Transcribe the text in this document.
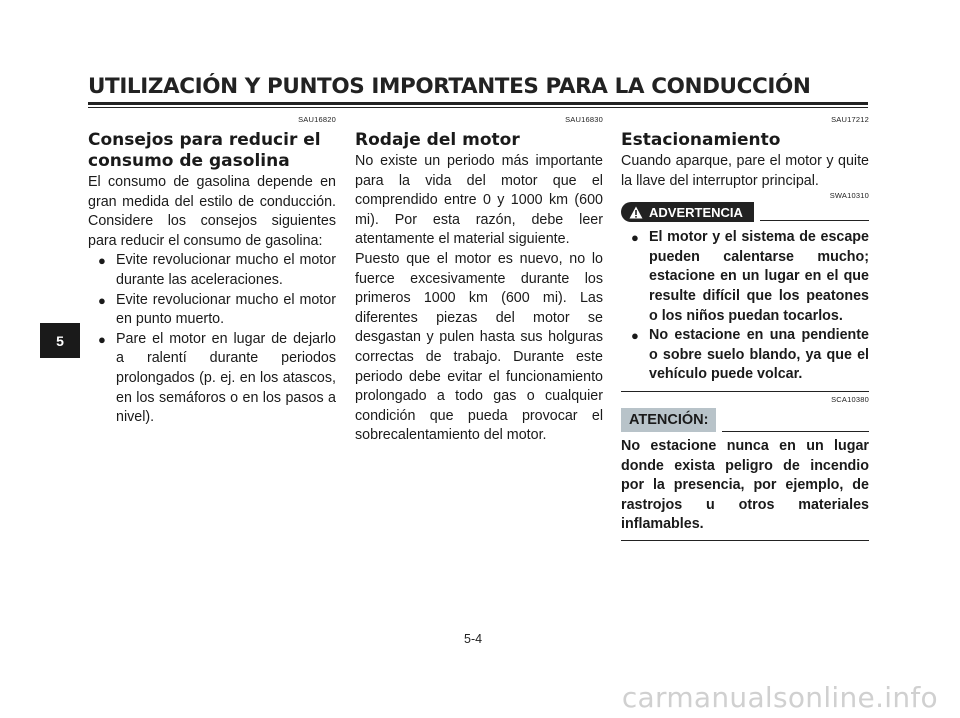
UTILIZACIÓN Y PUNTOS IMPORTANTES PARA LA CONDUCCIÓN
5
SAU16820
Consejos para reducir el
consumo de gasolina

El consumo de gasolina depende en gran medida del estilo de conducción. Considere los consejos siguientes para reducir el consumo de gasolina:

● Evite revolucionar mucho el motor durante las aceleraciones.
● Evite revolucionar mucho el motor en punto muerto.
● Pare el motor en lugar de dejarlo a ralentí durante periodos prolongados (p. ej. en los atascos, en los semáforos o en los pasos a nivel).
SAU16830
Rodaje del motor

No existe un periodo más importante para la vida del motor que el comprendido entre 0 y 1000 km (600 mi). Por esta razón, debe leer atentamente el material siguiente.

Puesto que el motor es nuevo, no lo fuerce excesivamente durante los primeros 1000 km (600 mi). Las diferentes piezas del motor se desgastan y pulen hasta sus holguras correctas de trabajo. Durante este periodo debe evitar el funcionamiento prolongado a todo gas o cualquier condición que pueda provocar el sobrecalentamiento del motor.

SAU17212
Estacionamiento

Cuando aparque, pare el motor y quite la llave del interruptor principal.

SWA10310
ADVERTENCIA
● El motor y el sistema de escape pueden calentarse mucho; estacione en un lugar en el que resulte difícil que los peatones o los niños puedan tocarlos.
● No estacione en una pendiente o sobre suelo blando, ya que el vehículo puede volcar.
SCA10380
ATENCIÓN:

No estacione nunca en un lugar donde exista peligro de incendio por la presencia, por ejemplo, de rastrojos u otros materiales inflamables.

5-4
carmanualsonline.info
